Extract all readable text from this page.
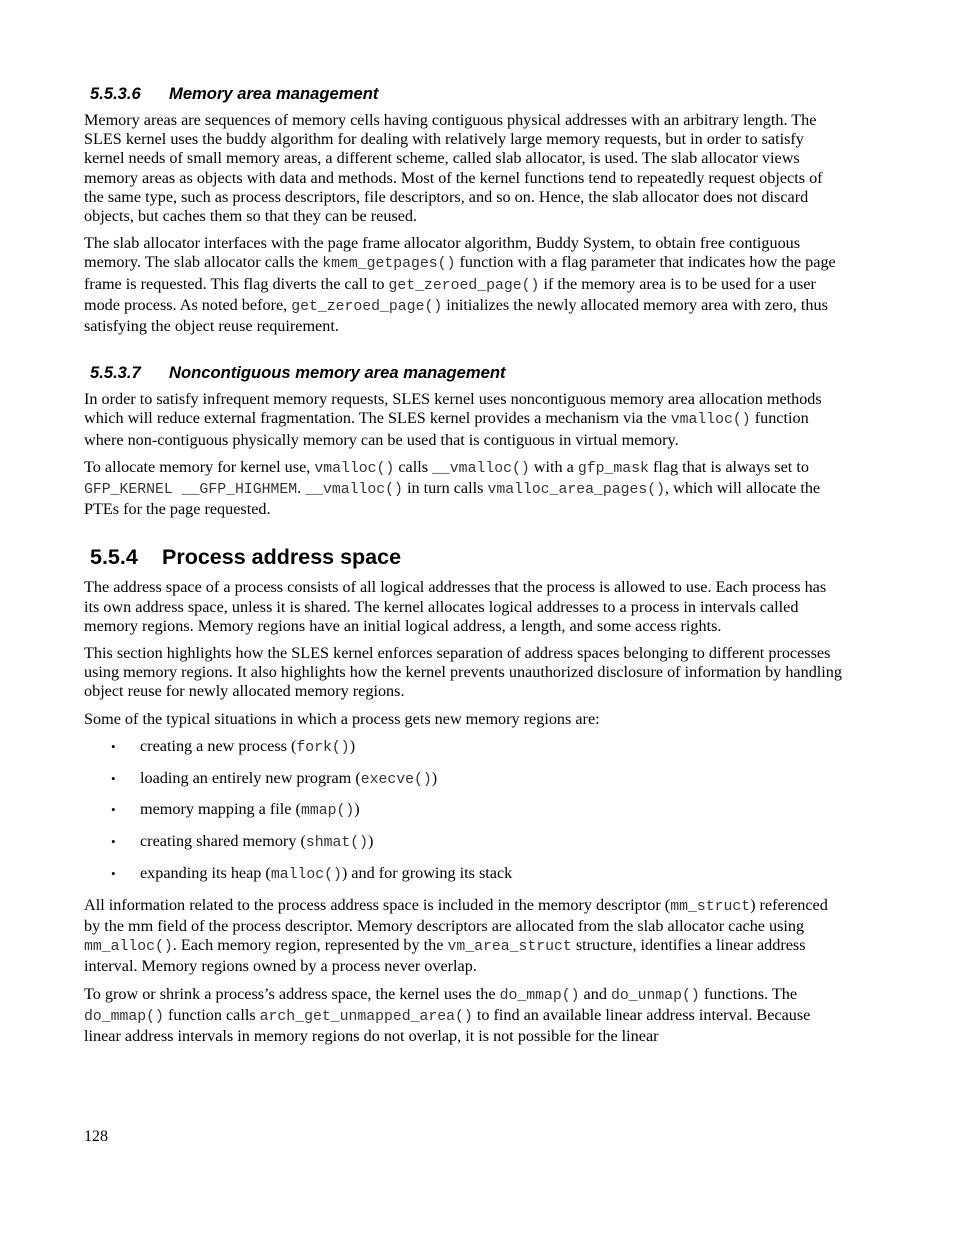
5.5.3.6 Memory area management

Memory areas are sequences of memory cells having contiguous physical addresses with an arbitrary length. The SLES kernel uses the buddy algorithm for dealing with relatively large memory requests, but in order to satisfy kernel needs of small memory areas, a different scheme, called slab allocator, is used. The slab allocator views memory areas as objects with data and methods. Most of the kernel functions tend to repeatedly request objects of the same type, such as process descriptors, file descriptors, and so on. Hence, the slab allocator does not discard objects, but caches them so that they can be reused.

The slab allocator interfaces with the page frame allocator algorithm, Buddy System, to obtain free contiguous memory. The slab allocator calls the kmem_getpages() function with a flag parameter that indicates how the page frame is requested. This flag diverts the call to get_zeroed_page() if the memory area is to be used for a user mode process. As noted before, get_zeroed_page() initializes the newly allocated memory area with zero, thus satisfying the object reuse requirement.

5.5.3.7 Noncontiguous memory area management

In order to satisfy infrequent memory requests, SLES kernel uses noncontiguous memory area allocation methods which will reduce external fragmentation. The SLES kernel provides a mechanism via the vmalloc() function where non-contiguous physically memory can be used that is contiguous in virtual memory.

To allocate memory for kernel use, vmalloc() calls __vmalloc() with a gfp_mask flag that is always set to GFP_KERNEL __GFP_HIGHMEM. __vmalloc() in turn calls vmalloc_area_pages(), which will allocate the PTEs for the page requested.

5.5.4 Process address space

The address space of a process consists of all logical addresses that the process is allowed to use. Each process has its own address space, unless it is shared. The kernel allocates logical addresses to a process in intervals called memory regions. Memory regions have an initial logical address, a length, and some access rights.

This section highlights how the SLES kernel enforces separation of address spaces belonging to different processes using memory regions. It also highlights how the kernel prevents unauthorized disclosure of information by handling object reuse for newly allocated memory regions.

Some of the typical situations in which a process gets new memory regions are:

• creating a new process (fork())
• loading an entirely new program (execve())
• memory mapping a file (mmap())
• creating shared memory (shmat())
• expanding its heap (malloc()) and for growing its stack

All information related to the process address space is included in the memory descriptor (mm_struct) referenced by the mm field of the process descriptor. Memory descriptors are allocated from the slab allocator cache using mm_alloc(). Each memory region, represented by the vm_area_struct structure, identifies a linear address interval. Memory regions owned by a process never overlap.

To grow or shrink a process’s address space, the kernel uses the do_mmap() and do_unmap() functions. The do_mmap() function calls arch_get_unmapped_area() to find an available linear address interval. Because linear address intervals in memory regions do not overlap, it is not possible for the linear

128
